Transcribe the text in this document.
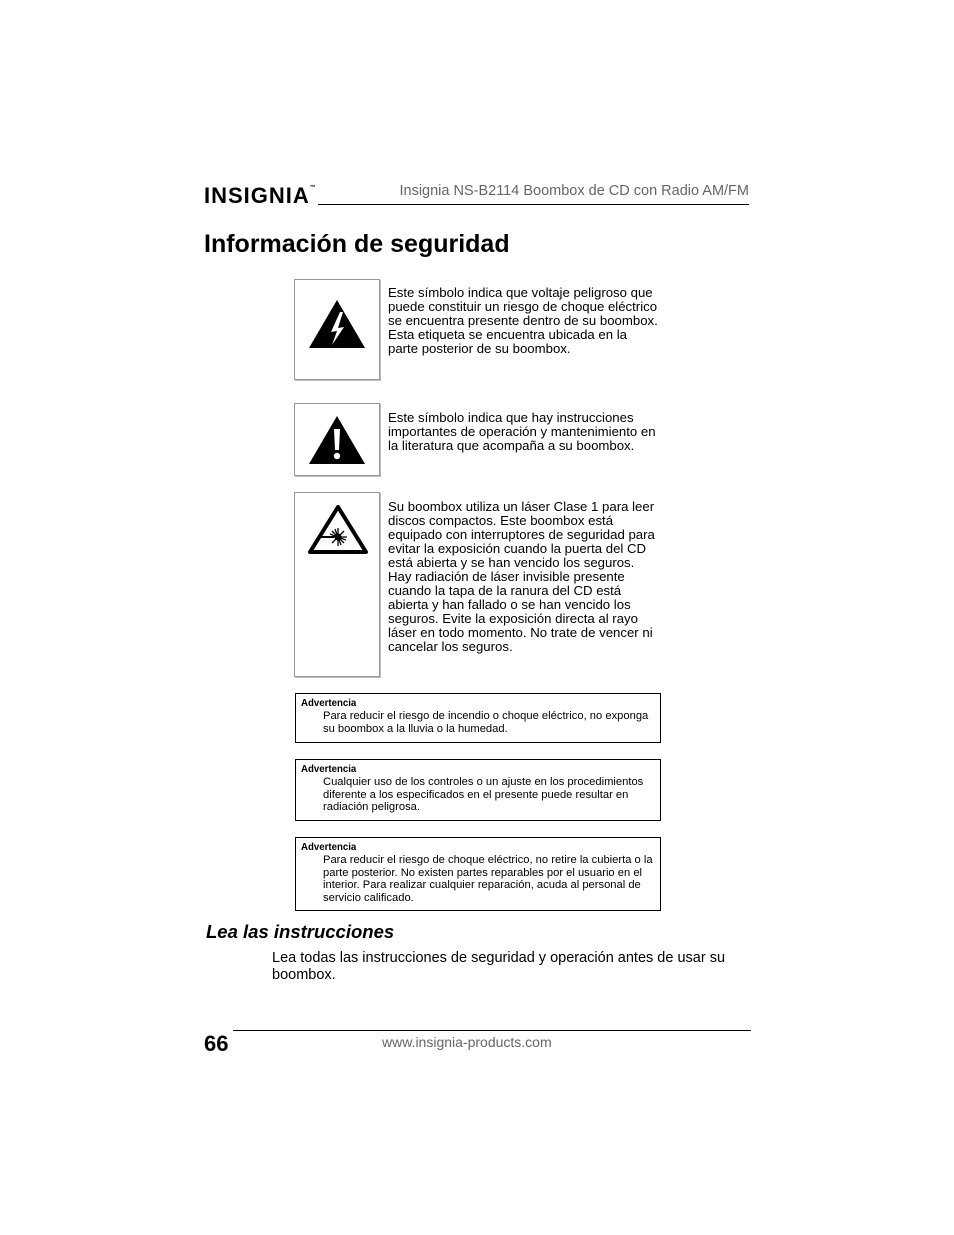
INSIGNIA™	Insignia NS-B2114 Boombox de CD con Radio AM/FM
Información de seguridad
Este símbolo indica que voltaje peligroso que puede constituir un riesgo de choque eléctrico se encuentra presente dentro de su boombox. Esta etiqueta se encuentra ubicada en la parte posterior de su boombox.
Este símbolo indica que hay instrucciones importantes de operación y mantenimiento en la literatura que acompaña a su boombox.
Su boombox utiliza un láser Clase 1 para leer discos compactos. Este boombox está equipado con interruptores de seguridad para evitar la exposición cuando la puerta del CD está abierta y se han vencido los seguros. Hay radiación de láser invisible presente cuando la tapa de la ranura del CD está abierta y han fallado o se han vencido los seguros. Evite la exposición directa al rayo láser en todo momento. No trate de vencer ni cancelar los seguros.
Advertencia
Para reducir el riesgo de incendio o choque eléctrico, no exponga su boombox a la lluvia o la humedad.
Advertencia
Cualquier uso de los controles o un ajuste en los procedimientos diferente a los especificados en el presente puede resultar en radiación peligrosa.
Advertencia
Para reducir el riesgo de choque eléctrico, no retire la cubierta o la parte posterior. No existen partes reparables por el usuario en el interior. Para realizar cualquier reparación, acuda al personal de servicio calificado.
Lea las instrucciones
Lea todas las instrucciones de seguridad y operación antes de usar su boombox.
66	www.insignia-products.com
